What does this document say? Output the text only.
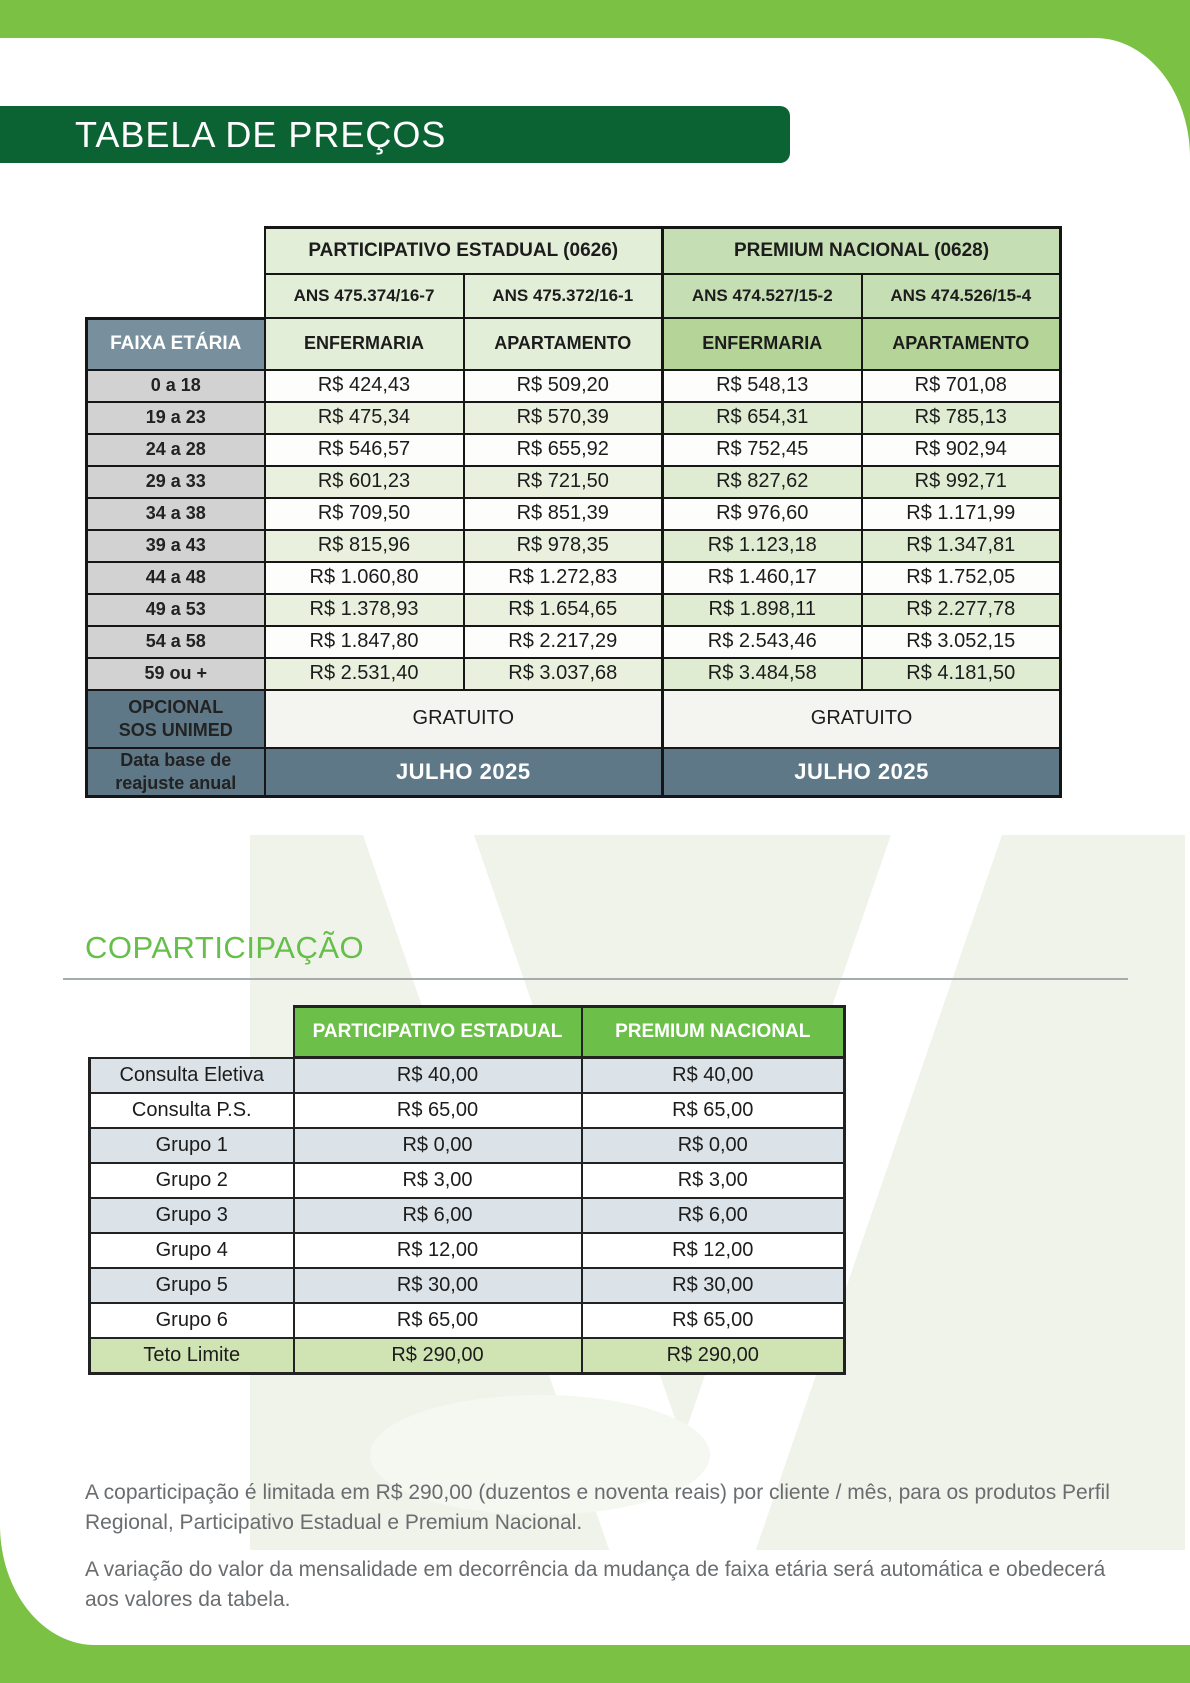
TABELA DE PREÇOS
	PARTICIPATIVO ESTADUAL (0626)		PREMIUM NACIONAL (0628)	
	ANS 475.374/16-7	ANS 475.372/16-1	ANS 474.527/15-2	ANS 474.526/15-4
FAIXA ETÁRIA	ENFERMARIA	APARTAMENTO	ENFERMARIA	APARTAMENTO
0 a 18	R$ 424,43	R$ 509,20	R$ 548,13	R$ 701,08
19 a 23	R$ 475,34	R$ 570,39	R$ 654,31	R$ 785,13
24 a 28	R$ 546,57	R$ 655,92	R$ 752,45	R$ 902,94
29 a 33	R$ 601,23	R$ 721,50	R$ 827,62	R$ 992,71
34 a 38	R$ 709,50	R$ 851,39	R$ 976,60	R$ 1.171,99
39 a 43	R$ 815,96	R$ 978,35	R$ 1.123,18	R$ 1.347,81
44 a 48	R$ 1.060,80	R$ 1.272,83	R$ 1.460,17	R$ 1.752,05
49 a 53	R$ 1.378,93	R$ 1.654,65	R$ 1.898,11	R$ 2.277,78
54 a 58	R$ 1.847,80	R$ 2.217,29	R$ 2.543,46	R$ 3.052,15
59 ou +	R$ 2.531,40	R$ 3.037,68	R$ 3.484,58	R$ 4.181,50

OPCIONAL
SOS UNIMED	GRATUITO		GRATUITO	

Data base de
reajuste anual	JULHO 2025		JULHO 2025	
COPARTICIPAÇÃO
	PARTICIPATIVO ESTADUAL	PREMIUM NACIONAL
Consulta Eletiva	R$ 40,00	R$ 40,00
Consulta P.S.	R$ 65,00	R$ 65,00
Grupo 1	R$ 0,00	R$ 0,00
Grupo 2	R$ 3,00	R$ 3,00
Grupo 3	R$ 6,00	R$ 6,00
Grupo 4	R$ 12,00	R$ 12,00
Grupo 5	R$ 30,00	R$ 30,00
Grupo 6	R$ 65,00	R$ 65,00
Teto Limite	R$ 290,00	R$ 290,00

A coparticipação é limitada em R$ 290,00 (duzentos e noventa reais) por cliente / mês, para os produtos Perfil Regional, Participativo Estadual e Premium Nacional.

A variação do valor da mensalidade em decorrência da mudança de faixa etária será automática e obedecerá aos valores da tabela.
